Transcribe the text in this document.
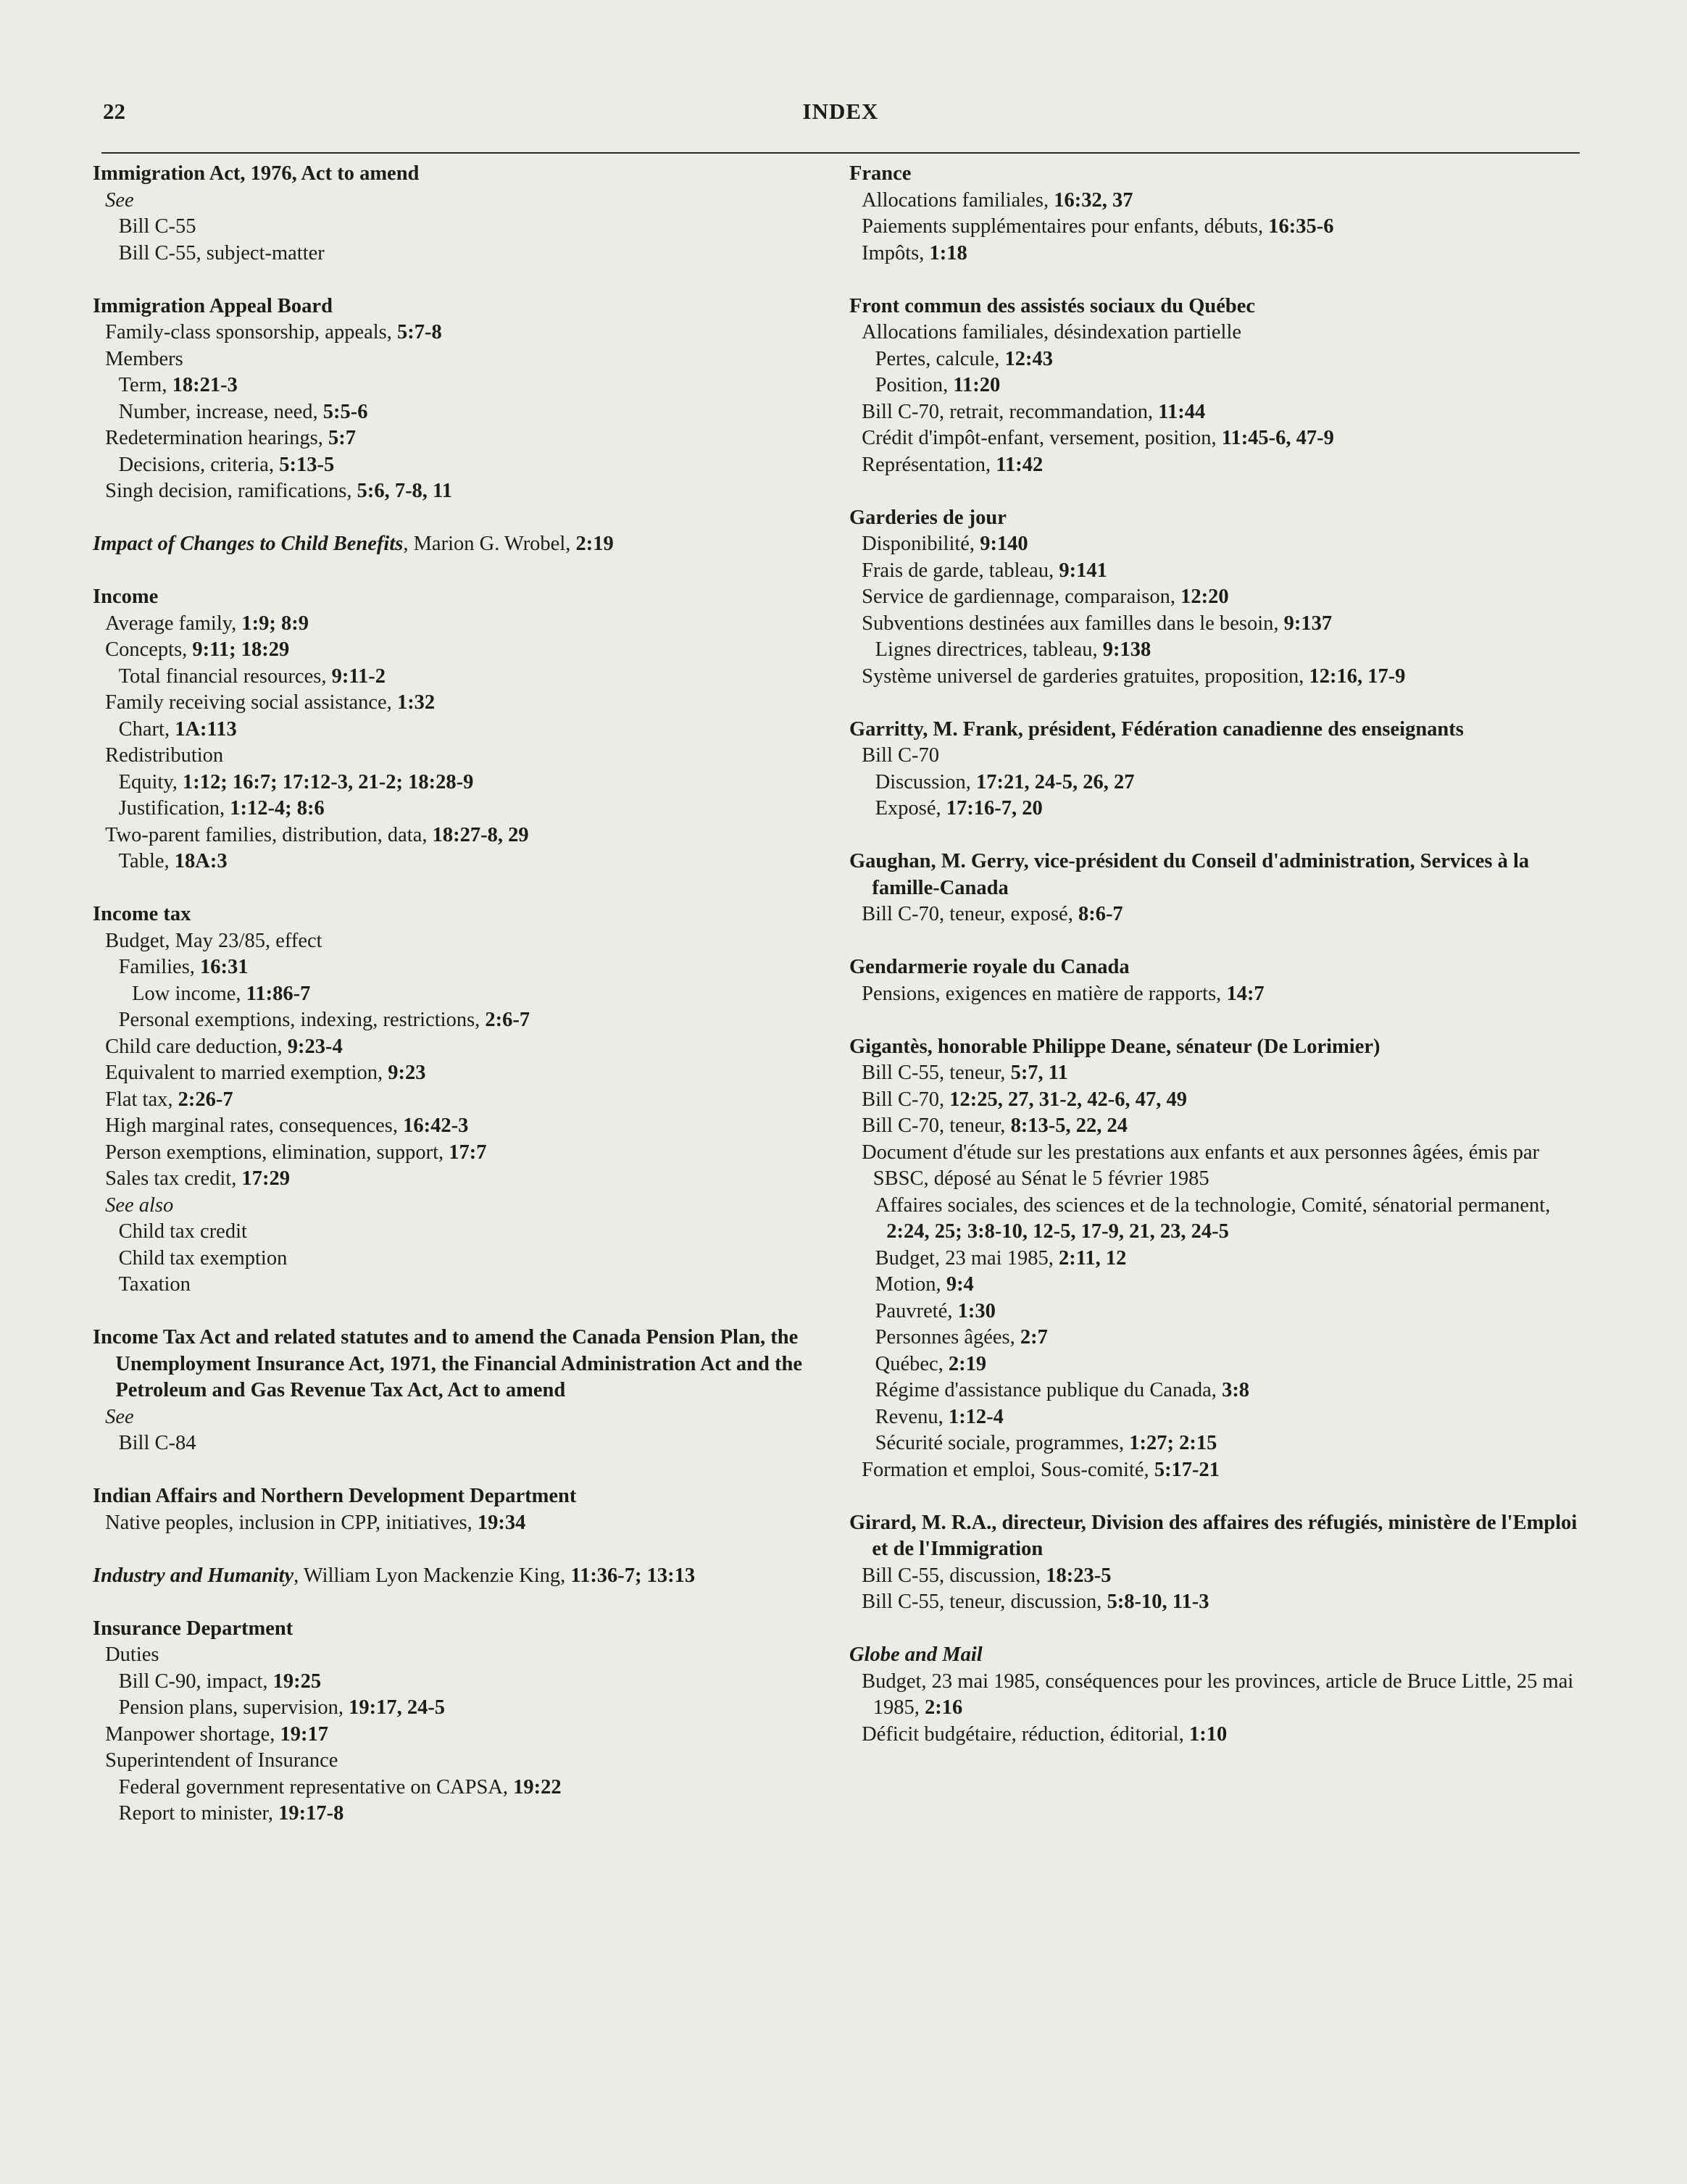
22	INDEX
Immigration Act, 1976, Act to amend
See
Bill C-55
Bill C-55, subject-matter
Immigration Appeal Board
Family-class sponsorship, appeals, 5:7-8
Members
Term, 18:21-3
Number, increase, need, 5:5-6
Redetermination hearings, 5:7
Decisions, criteria, 5:13-5
Singh decision, ramifications, 5:6, 7-8, 11
Impact of Changes to Child Benefits, Marion G. Wrobel, 2:19
Income
Average family, 1:9; 8:9
Concepts, 9:11; 18:29
Total financial resources, 9:11-2
Family receiving social assistance, 1:32
Chart, 1A:113
Redistribution
Equity, 1:12; 16:7; 17:12-3, 21-2; 18:28-9
Justification, 1:12-4; 8:6
Two-parent families, distribution, data, 18:27-8, 29
Table, 18A:3
Income tax
Budget, May 23/85, effect
Families, 16:31
Low income, 11:86-7
Personal exemptions, indexing, restrictions, 2:6-7
Child care deduction, 9:23-4
Equivalent to married exemption, 9:23
Flat tax, 2:26-7
High marginal rates, consequences, 16:42-3
Person exemptions, elimination, support, 17:7
Sales tax credit, 17:29
See also
Child tax credit
Child tax exemption
Taxation
Income Tax Act and related statutes and to amend the Canada Pension Plan, the Unemployment Insurance Act, 1971, the Financial Administration Act and the Petroleum and Gas Revenue Tax Act, Act to amend
See
Bill C-84
Indian Affairs and Northern Development Department
Native peoples, inclusion in CPP, initiatives, 19:34
Industry and Humanity, William Lyon Mackenzie King, 11:36-7; 13:13
Insurance Department
Duties
Bill C-90, impact, 19:25
Pension plans, supervision, 19:17, 24-5
Manpower shortage, 19:17
Superintendent of Insurance
Federal government representative on CAPSA, 19:22
Report to minister, 19:17-8
France
Allocations familiales, 16:32, 37
Paiements supplémentaires pour enfants, débuts, 16:35-6
Impôts, 1:18
Front commun des assistés sociaux du Québec
Allocations familiales, désindexation partielle
Pertes, calcule, 12:43
Position, 11:20
Bill C-70, retrait, recommandation, 11:44
Crédit d'impôt-enfant, versement, position, 11:45-6, 47-9
Représentation, 11:42
Garderies de jour
Disponibilité, 9:140
Frais de garde, tableau, 9:141
Service de gardiennage, comparaison, 12:20
Subventions destinées aux familles dans le besoin, 9:137
Lignes directrices, tableau, 9:138
Système universel de garderies gratuites, proposition, 12:16, 17-9
Garritty, M. Frank, président, Fédération canadienne des enseignants
Bill C-70
Discussion, 17:21, 24-5, 26, 27
Exposé, 17:16-7, 20
Gaughan, M. Gerry, vice-président du Conseil d'administration, Services à la famille-Canada
Bill C-70, teneur, exposé, 8:6-7
Gendarmerie royale du Canada
Pensions, exigences en matière de rapports, 14:7
Gigantès, honorable Philippe Deane, sénateur (De Lorimier)
Bill C-55, teneur, 5:7, 11
Bill C-70, 12:25, 27, 31-2, 42-6, 47, 49
Bill C-70, teneur, 8:13-5, 22, 24
Document d'étude sur les prestations aux enfants et aux personnes âgées, émis par SBSC, déposé au Sénat le 5 février 1985
Affaires sociales, des sciences et de la technologie, Comité, sénatorial permanent, 2:24, 25; 3:8-10, 12-5, 17-9, 21, 23, 24-5
Budget, 23 mai 1985, 2:11, 12
Motion, 9:4
Pauvreté, 1:30
Personnes âgées, 2:7
Québec, 2:19
Régime d'assistance publique du Canada, 3:8
Revenu, 1:12-4
Sécurité sociale, programmes, 1:27; 2:15
Formation et emploi, Sous-comité, 5:17-21
Girard, M. R.A., directeur, Division des affaires des réfugiés, ministère de l'Emploi et de l'Immigration
Bill C-55, discussion, 18:23-5
Bill C-55, teneur, discussion, 5:8-10, 11-3
Globe and Mail
Budget, 23 mai 1985, conséquences pour les provinces, article de Bruce Little, 25 mai 1985, 2:16
Déficit budgétaire, réduction, éditorial, 1:10
